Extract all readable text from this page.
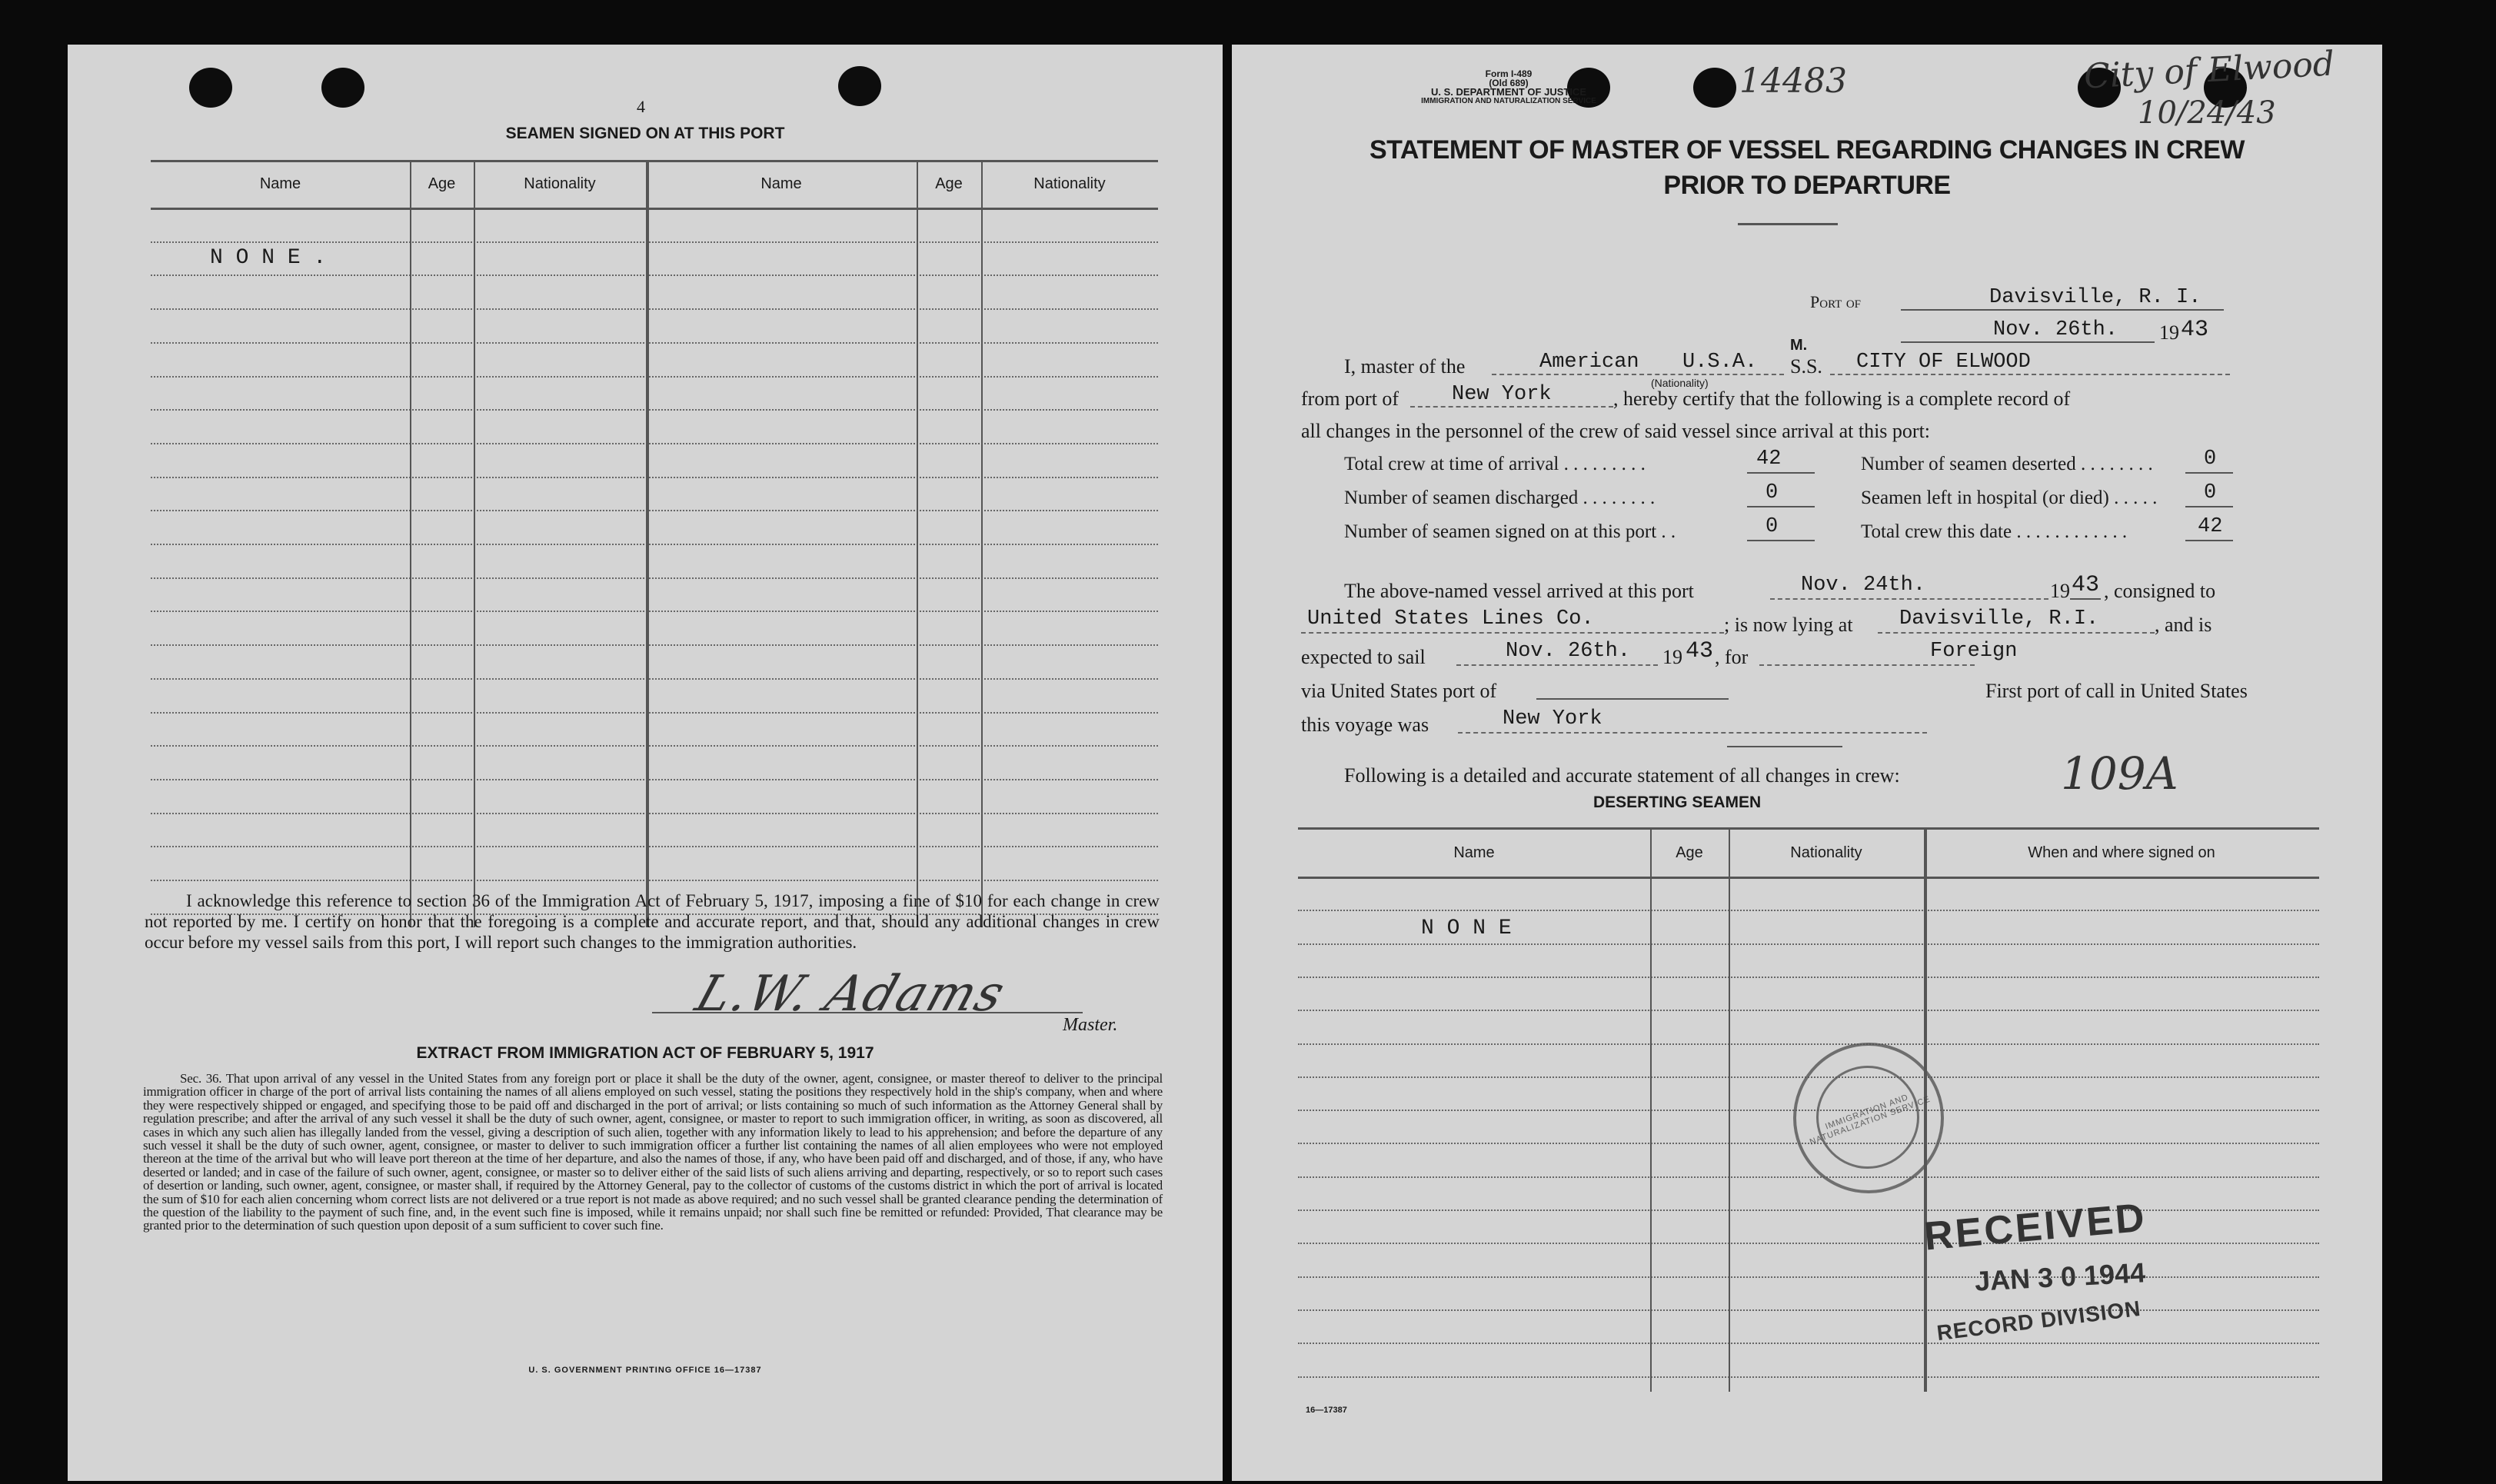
4
SEAMEN SIGNED ON AT THIS PORT
Name	Age	Nationality	Name	Age	Nationality
N O N E .
I acknowledge this reference to section 36 of the Immigration Act of February 5, 1917, imposing a fine of $10 for each change in crew not reported by me. I certify on honor that the foregoing is a complete and accurate report, and that, should any additional changes in crew occur before my vessel sails from this port, I will report such changes to the immigration authorities.
L.W. Adams
Master.
EXTRACT FROM IMMIGRATION ACT OF FEBRUARY 5, 1917
Sec. 36. That upon arrival of any vessel in the United States from any foreign port or place it shall be the duty of the owner, agent, consignee, or master thereof to deliver to the principal immigration officer in charge of the port of arrival lists containing the names of all aliens employed on such vessel, stating the positions they respectively hold in the ship's company, when and where they were respectively shipped or engaged, and specifying those to be paid off and discharged in the port of arrival; or lists containing so much of such information as the Attorney General shall by regulation prescribe; and after the arrival of any such vessel it shall be the duty of such owner, agent, consignee, or master to report to such immigration officer, in writing, as soon as discovered, all cases in which any such alien has illegally landed from the vessel, giving a description of such alien, together with any information likely to lead to his apprehension; and before the departure of any such vessel it shall be the duty of such owner, agent, consignee, or master to deliver to such immigration officer a further list containing the names of all alien employees who were not employed thereon at the time of the arrival but who will leave port thereon at the time of her departure, and also the names of those, if any, who have been paid off and discharged, and of those, if any, who have deserted or landed; and in case of the failure of such owner, agent, consignee, or master so to deliver either of the said lists of such aliens arriving and departing, respectively, or so to report such cases of desertion or landing, such owner, agent, consignee, or master shall, if required by the Attorney General, pay to the collector of customs of the customs district in which the port of arrival is located the sum of $10 for each alien concerning whom correct lists are not delivered or a true report is not made as above required; and no such vessel shall be granted clearance pending the determination of the question of the liability to the payment of such fine, and, in the event such fine is imposed, while it remains unpaid; nor shall such fine be remitted or refunded: Provided, That clearance may be granted prior to the determination of such question upon deposit of a sum sufficient to cover such fine.
U. S. GOVERNMENT PRINTING OFFICE 16—17387
Form I-489
(Old 689)
U. S. DEPARTMENT OF JUSTICE
IMMIGRATION AND NATURALIZATION SERVICE
14483	City of Elwood
10/24/43
STATEMENT OF MASTER OF VESSEL REGARDING CHANGES IN CREW
PRIOR TO DEPARTURE
Port of	Davisville, R. I.
Nov. 26th. 19 43
I, master of the	American U.S.A.
(Nationality)
M.
S.S. CITY OF ELWOOD
from port of	New York	, hereby certify that the following is a complete record of
all changes in the personnel of the crew of said vessel since arrival at this port:
Total crew at time of arrival . . . . . . . . .	42	Number of seamen deserted . . . . . . . . 0
Number of seamen discharged . . . . . . . .	0	Seamen left in hospital (or died) . . . . . 0
Number of seamen signed on at this port . .	0	Total crew this date . . . . . . . . . . . .	42
The above-named vessel arrived at this port	Nov. 24th.	19 43 , consigned to
United States Lines Co.	; is now lying at Davisville, R.I.	, and is
expected to sail	Nov. 26th. 19 43 , for	Foreign
via United States port of	First port of call in United States
this voyage was	New York
Following is a detailed and accurate statement of all changes in crew:	109A
DESERTING SEAMEN
Name	Age	Nationality	When and where signed on
N O N E
IMMIGRATION AND NATURALIZATION SERVICE
RECEIVED
JAN 3 0 1944
RECORD DIVISION
16—17387
